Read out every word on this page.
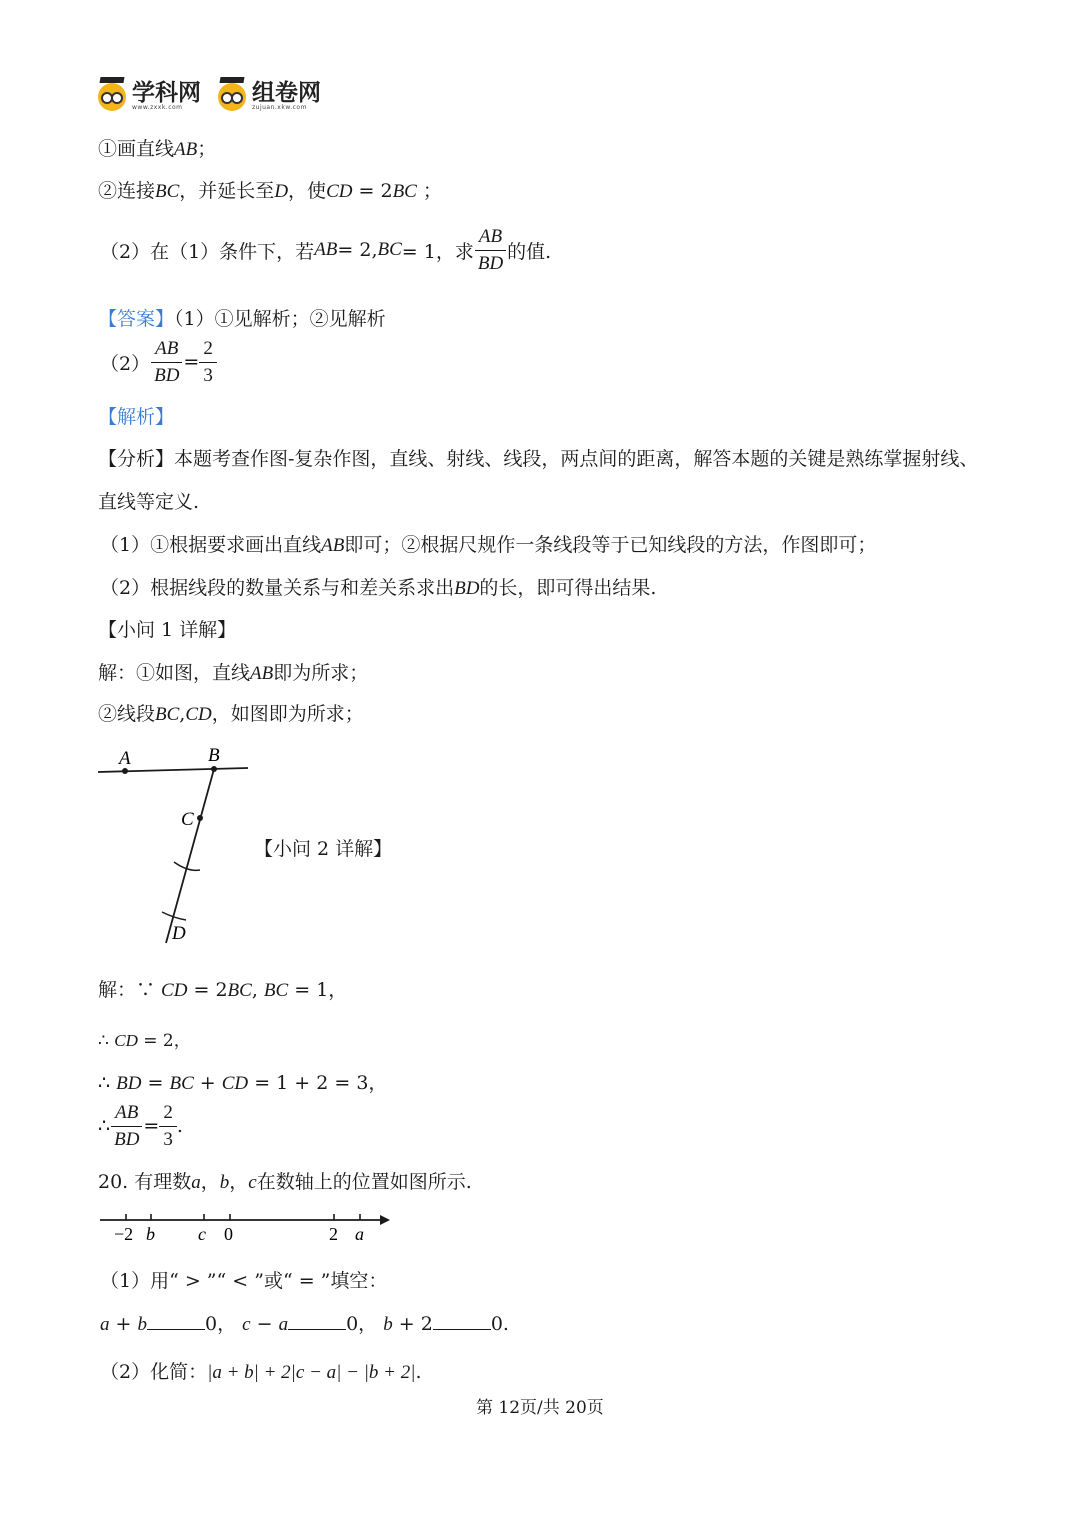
学科网
www.zxxk.com
组卷网
zujuan.xkw.com
①画直线AB；
②连接BC，并延长至D，使CD = 2BC ；
（2）在（1）条件下，若 AB = 2, BC = 1，求 $\frac{AB}{BD}$ 的值.
【答案】（1）①见解析；②见解析
$(2) \frac{AB}{BD} = \frac{2}{3}$
【解析】
【分析】本题考查作图-复杂作图，直线、射线、线段，两点间的距离，解答本题的关键是熟练掌握射线、
直线等定义.
（1）①根据要求画出直线AB即可；②根据尺规作一条线段等于已知线段的方法，作图即可；
（2）根据线段的数量关系与和差关系求出BD的长，即可得出结果.
【小问 1 详解】
解：①如图，直线AB即为所求；
②线段BC,CD，如图即为所求；
A	B
C
D
【小问 2 详解】
解：∵ CD = 2BC, BC = 1，
∴ CD = 2，
∴ BD = BC + CD = 1 + 2 = 3，
∴ $\frac{AB}{BD} = \frac{2}{3}$ .
20. 有理数a，b，c在数轴上的位置如图所示.
−2 b c 0	2 a
（1）用“ > ”“ < ”或“ = ”填空：
a + b	0， c − a	0， b + 2	0.
（2）化简：|a + b| + 2|c − a| − |b + 2|.
第 12页/共 20页
